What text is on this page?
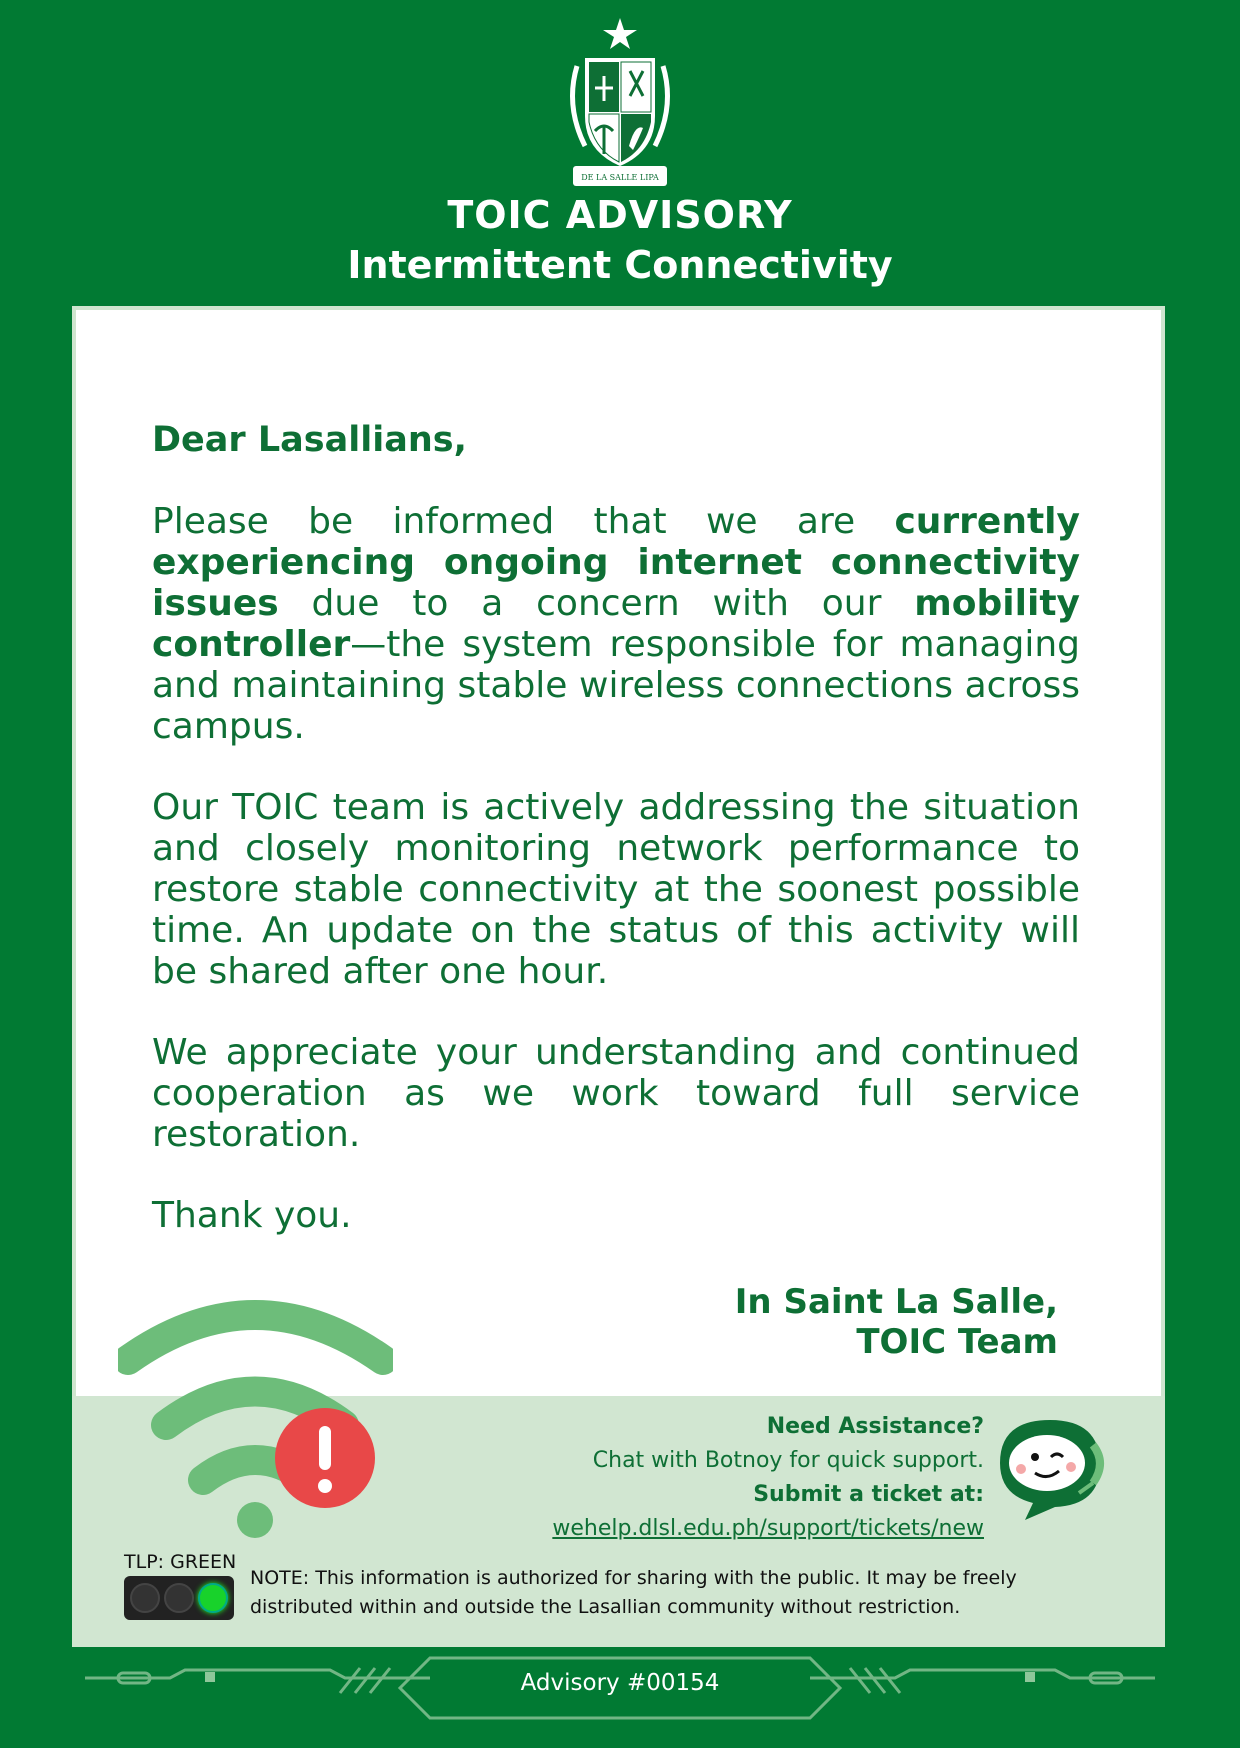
DE LA SALLE LIPA
TOIC ADVISORY
Intermittent Connectivity
Dear Lasallians,
Please be informed that we are currently experiencing ongoing internet connectivity issues due to a concern with our mobility controller—the system responsible for managing and maintaining stable wireless connections across campus.
Our TOIC team is actively addressing the situation and closely monitoring network performance to restore stable connectivity at the soonest possible time. An update on the status of this activity will be shared after one hour.
We appreciate your understanding and continued cooperation as we work toward full service restoration.
Thank you.
In Saint La Salle,
TOIC Team
Need Assistance?
Chat with Botnoy for quick support.
Submit a ticket at:
wehelp.dlsl.edu.ph/support/tickets/new
TLP: GREEN
NOTE: This information is authorized for sharing with the public. It may be freely distributed within and outside the Lasallian community without restriction.
Advisory #00154
